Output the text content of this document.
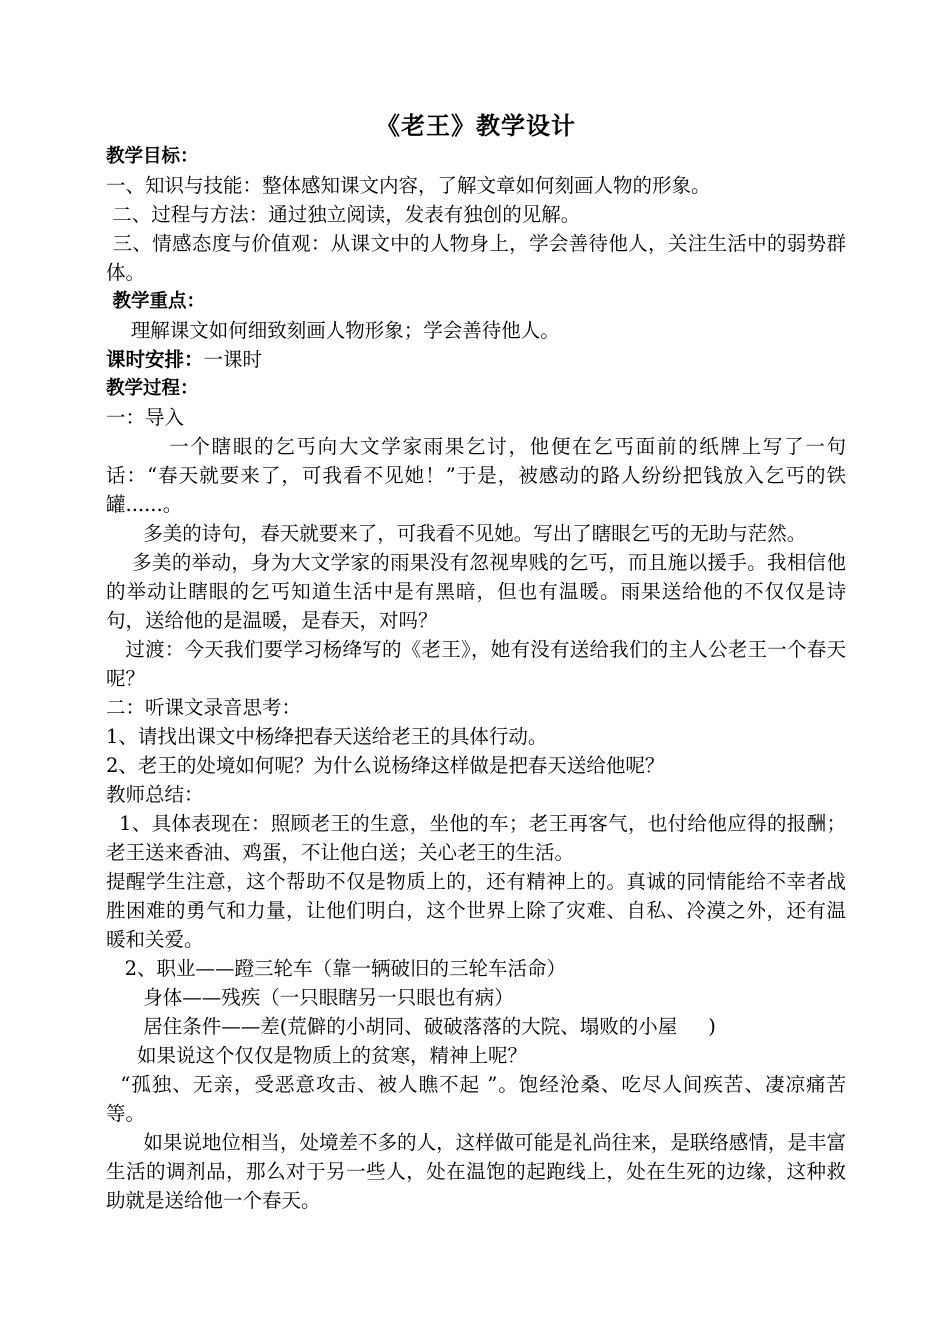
《老王》教学设计
教学目标：
一、知识与技能：整体感知课文内容，了解文章如何刻画人物的形象。
二、过程与方法：通过独立阅读，发表有独创的见解。
三、情感态度与价值观：从课文中的人物身上，学会善待他人，关注生活中的弱势群体。
教学重点：
理解课文如何细致刻画人物形象；学会善待他人。
课时安排：一课时
教学过程：
一：导入
一个瞎眼的乞丐向大文学家雨果乞讨，他便在乞丐面前的纸牌上写了一句话：“春天就要来了，可我看不见她！”于是，被感动的路人纷纷把钱放入乞丐的铁罐......。
多美的诗句，春天就要来了，可我看不见她。写出了瞎眼乞丐的无助与茫然。
多美的举动，身为大文学家的雨果没有忽视卑贱的乞丐，而且施以援手。我相信他的举动让瞎眼的乞丐知道生活中是有黑暗，但也有温暖。雨果送给他的不仅仅是诗句，送给他的是温暖，是春天，对吗？
过渡：今天我们要学习杨绛写的《老王》，她有没有送给我们的主人公老王一个春天呢？
二：听课文录音思考：
1、请找出课文中杨绛把春天送给老王的具体行动。
2、老王的处境如何呢？为什么说杨绛这样做是把春天送给他呢？
教师总结：
1、具体表现在：照顾老王的生意，坐他的车；老王再客气，也付给他应得的报酬；老王送来香油、鸡蛋，不让他白送；关心老王的生活。
提醒学生注意，这个帮助不仅是物质上的，还有精神上的。真诚的同情能给不幸者战胜困难的勇气和力量，让他们明白，这个世界上除了灾难、自私、冷漠之外，还有温暖和关爱。
2、职业——蹬三轮车（靠一辆破旧的三轮车活命）
身体——残疾（一只眼瞎另一只眼也有病）
居住条件——差(荒僻的小胡同、破破落落的大院、塌败的小屋     )
如果说这个仅仅是物质上的贫寒，精神上呢？
“孤独、无亲，受恶意攻击、被人瞧不起 ”。饱经沧桑、吃尽人间疾苦、凄凉痛苦等。
如果说地位相当，处境差不多的人，这样做可能是礼尚往来，是联络感情，是丰富生活的调剂品，那么对于另一些人，处在温饱的起跑线上，处在生死的边缘，这种救助就是送给他一个春天。
